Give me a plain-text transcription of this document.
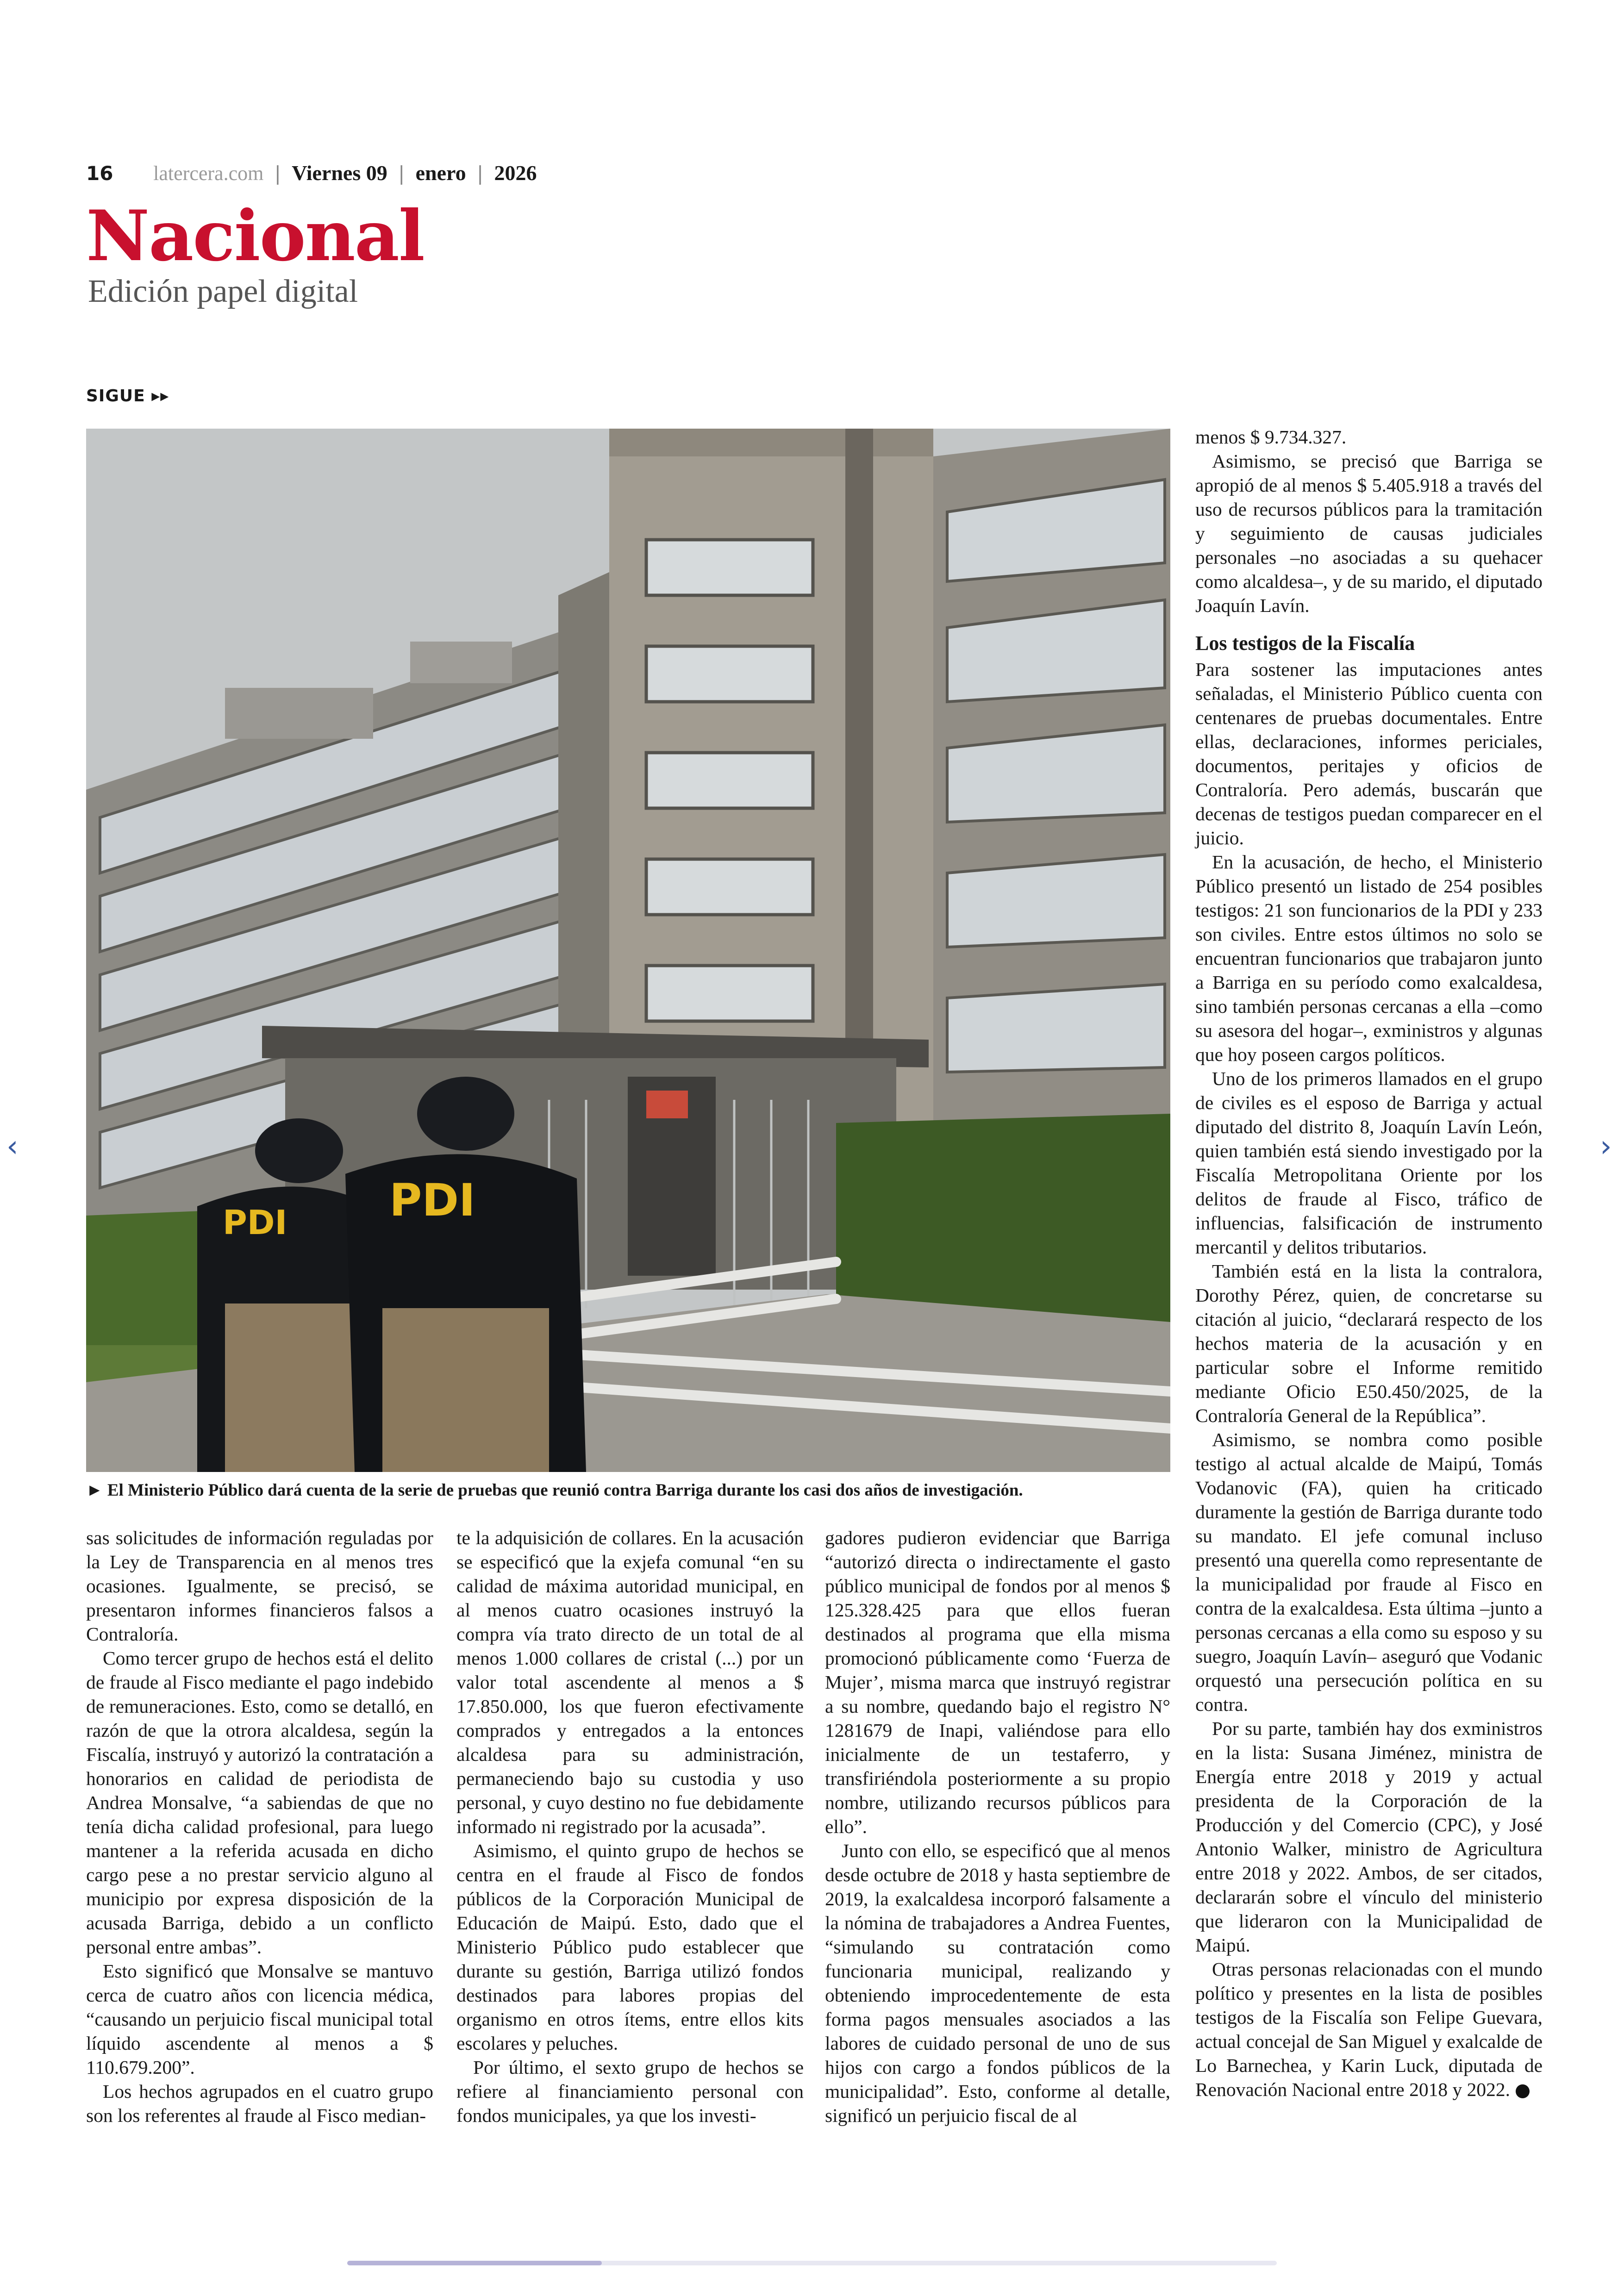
16 latercera.com | Viernes 09 | enero | 2026
Nacional
Edición papel digital
SIGUE ▸▸
PDI PDI
► El Ministerio Público dará cuenta de la serie de pruebas que reunió contra Barriga durante los casi dos años de investigación.

menos $ 9.734.327.

Asimismo, se precisó que Barriga se apropió de al menos $ 5.405.918 a través del uso de recursos públicos para la tramitación y seguimiento de causas judiciales personales –no asociadas a su quehacer como alcaldesa–, y de su marido, el diputado Joaquín Lavín.

Los testigos de la Fiscalía

Para sostener las imputaciones antes señaladas, el Ministerio Público cuenta con centenares de pruebas documentales. Entre ellas, declaraciones, informes periciales, documentos, peritajes y oficios de Contraloría. Pero además, buscarán que decenas de testigos puedan comparecer en el juicio.

En la acusación, de hecho, el Ministerio Público presentó un listado de 254 posibles testigos: 21 son funcionarios de la PDI y 233 son civiles. Entre estos últimos no solo se encuentran funcionarios que trabajaron junto a Barriga en su período como exalcaldesa, sino también personas cercanas a ella –como su asesora del hogar–, exministros y algunas que hoy poseen cargos políticos.

Uno de los primeros llamados en el grupo de civiles es el esposo de Barriga y actual diputado del distrito 8, Joaquín Lavín León, quien también está siendo investigado por la Fiscalía Metropolitana Oriente por los delitos de fraude al Fisco, tráfico de influencias, falsificación de instrumento mercantil y delitos tributarios.

También está en la lista la contralora, Dorothy Pérez, quien, de concretarse su citación al juicio, “declarará respecto de los hechos materia de la acusación y en particular sobre el Informe remitido mediante Oficio E50.450/2025, de la Contraloría General de la República”.

Asimismo, se nombra como posible testigo al actual alcalde de Maipú, Tomás Vodanovic (FA), quien ha criticado duramente la gestión de Barriga durante todo su mandato. El jefe comunal incluso presentó una querella como representante de la municipalidad por fraude al Fisco en contra de la exalcaldesa. Esta última –junto a personas cercanas a ella como su esposo y su suegro, Joaquín Lavín– aseguró que Vodanic orquestó una persecución política en su contra.

Por su parte, también hay dos exministros en la lista: Susana Jiménez, ministra de Energía entre 2018 y 2019 y actual presidenta de la Corporación de la Producción y del Comercio (CPC), y José Antonio Walker, ministro de Agricultura entre 2018 y 2022. Ambos, de ser citados, declararán sobre el vínculo del ministerio que lideraron con la Municipalidad de Maipú.

Otras personas relacionadas con el mundo político y presentes en la lista de posibles testigos de la Fiscalía son Felipe Guevara, actual concejal de San Miguel y exalcalde de Lo Barnechea, y Karin Luck, diputada de Renovación Nacional entre 2018 y 2022.

sas solicitudes de información reguladas por la Ley de Transparencia en al menos tres ocasiones. Igualmente, se precisó, se presentaron informes financieros falsos a Contraloría.

Como tercer grupo de hechos está el delito de fraude al Fisco mediante el pago indebido de remuneraciones. Esto, como se detalló, en razón de que la otrora alcaldesa, según la Fiscalía, instruyó y autorizó la contratación a honorarios en calidad de periodista de Andrea Monsalve, “a sabiendas de que no tenía dicha calidad profesional, para luego mantener a la referida acusada en dicho cargo pese a no prestar servicio alguno al municipio por expresa disposición de la acusada Barriga, debido a un conflicto personal entre ambas”.

Esto significó que Monsalve se mantuvo cerca de cuatro años con licencia médica, “causando un perjuicio fiscal municipal total líquido ascendente al menos a $ 110.679.200”.

Los hechos agrupados en el cuatro grupo son los referentes al fraude al Fisco median-

te la adquisición de collares. En la acusación se especificó que la exjefa comunal “en su calidad de máxima autoridad municipal, en al menos cuatro ocasiones instruyó la compra vía trato directo de un total de al menos 1.000 collares de cristal (...) por un valor total ascendente al menos a $ 17.850.000, los que fueron efectivamente comprados y entregados a la entonces alcaldesa para su administración, permaneciendo bajo su custodia y uso personal, y cuyo destino no fue debidamente informado ni registrado por la acusada”.

Asimismo, el quinto grupo de hechos se centra en el fraude al Fisco de fondos públicos de la Corporación Municipal de Educación de Maipú. Esto, dado que el Ministerio Público pudo establecer que durante su gestión, Barriga utilizó fondos destinados para labores propias del organismo en otros ítems, entre ellos kits escolares y peluches.

Por último, el sexto grupo de hechos se refiere al financiamiento personal con fondos municipales, ya que los investi-

gadores pudieron evidenciar que Barriga “autorizó directa o indirectamente el gasto público municipal de fondos por al menos $ 125.328.425 para que ellos fueran destinados al programa que ella misma promocionó públicamente como ‘Fuerza de Mujer’, misma marca que instruyó registrar a su nombre, quedando bajo el registro N° 1281679 de Inapi, valiéndose para ello inicialmente de un testaferro, y transfiriéndola posteriormente a su propio nombre, utilizando recursos públicos para ello”.

Junto con ello, se especificó que al menos desde octubre de 2018 y hasta septiembre de 2019, la exalcaldesa incorporó falsamente a la nómina de trabajadores a Andrea Fuentes, “simulando su contratación como funcionaria municipal, realizando y obteniendo improcedentemente de esta forma pagos mensuales asociados a las labores de cuidado personal de uno de sus hijos con cargo a fondos públicos de la municipalidad”. Esto, conforme al detalle, significó un perjuicio fiscal de al

‹	›
